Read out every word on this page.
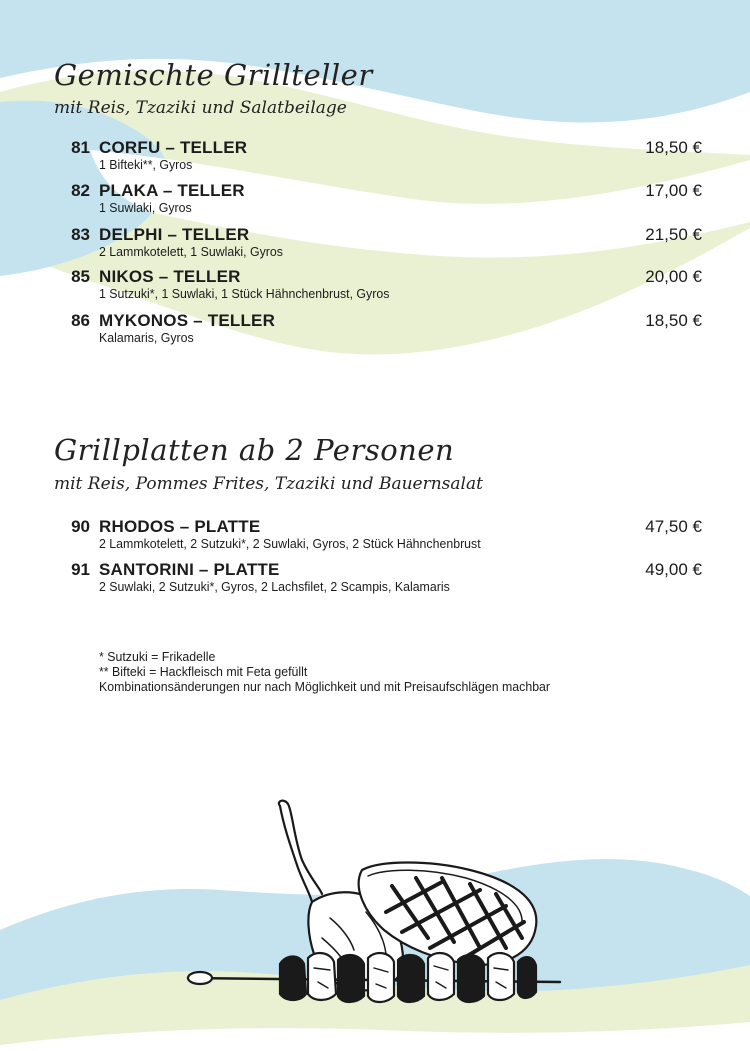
Gemischte Grillteller
mit Reis, Tzaziki und Salatbeilage
81 CORFU – TELLER
1 Bifteki**, Gyros
18,50 €
82 PLAKA – TELLER
1 Suwlaki, Gyros
17,00 €
83 DELPHI – TELLER
2 Lammkotelett, 1 Suwlaki, Gyros
21,50 €
85 NIKOS – TELLER
1 Sutzuki*, 1 Suwlaki, 1 Stück Hähnchenbrust, Gyros
20,00 €
86 MYKONOS – TELLER
Kalamaris, Gyros
18,50 €
Grillplatten ab 2 Personen
mit Reis, Pommes Frites, Tzaziki und Bauernsalat
90 RHODOS – PLATTE
2 Lammkotelett, 2 Sutzuki*, 2 Suwlaki, Gyros, 2 Stück Hähnchenbrust
47,50 €
91 SANTORINI – PLATTE
2 Suwlaki, 2 Sutzuki*, Gyros, 2 Lachsfilet, 2 Scampis, Kalamaris
49,00 €
* Sutzuki = Frikadelle
** Bifteki = Hackfleisch mit Feta gefüllt
Kombinationsänderungen nur nach Möglichkeit und mit Preisaufschlägen machbar
